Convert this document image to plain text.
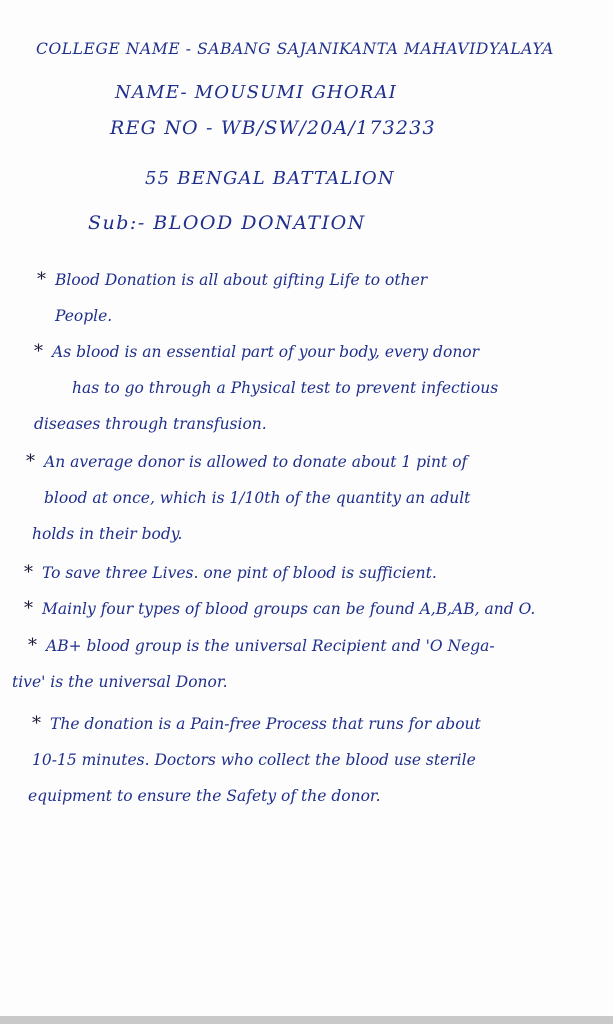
COLLEGE NAME - SABANG SAJANIKANTA MAHAVIDYALAYA
NAME- MOUSUMI GHORAI
REG NO - WB/SW/20A/173233
55 BENGAL BATTALION
Sub:- BLOOD DONATION
* Blood Donation is all about gifting Life to other
People.
* As blood is an essential part of your body, every donor
has to go through a Physical test to prevent infectious
diseases through transfusion.
* An average donor is allowed to donate about 1 pint of
blood at once, which is 1/10th of the quantity an adult
holds in their body.
* To save three Lives. one pint of blood is sufficient.
* Mainly four types of blood groups can be found A,B,AB, and O.
* AB+ blood group is the universal Recipient and 'O Nega-
tive' is the universal Donor.
* The donation is a Pain-free Process that runs for about
10-15 minutes. Doctors who collect the blood use sterile
equipment to ensure the Safety of the donor.
